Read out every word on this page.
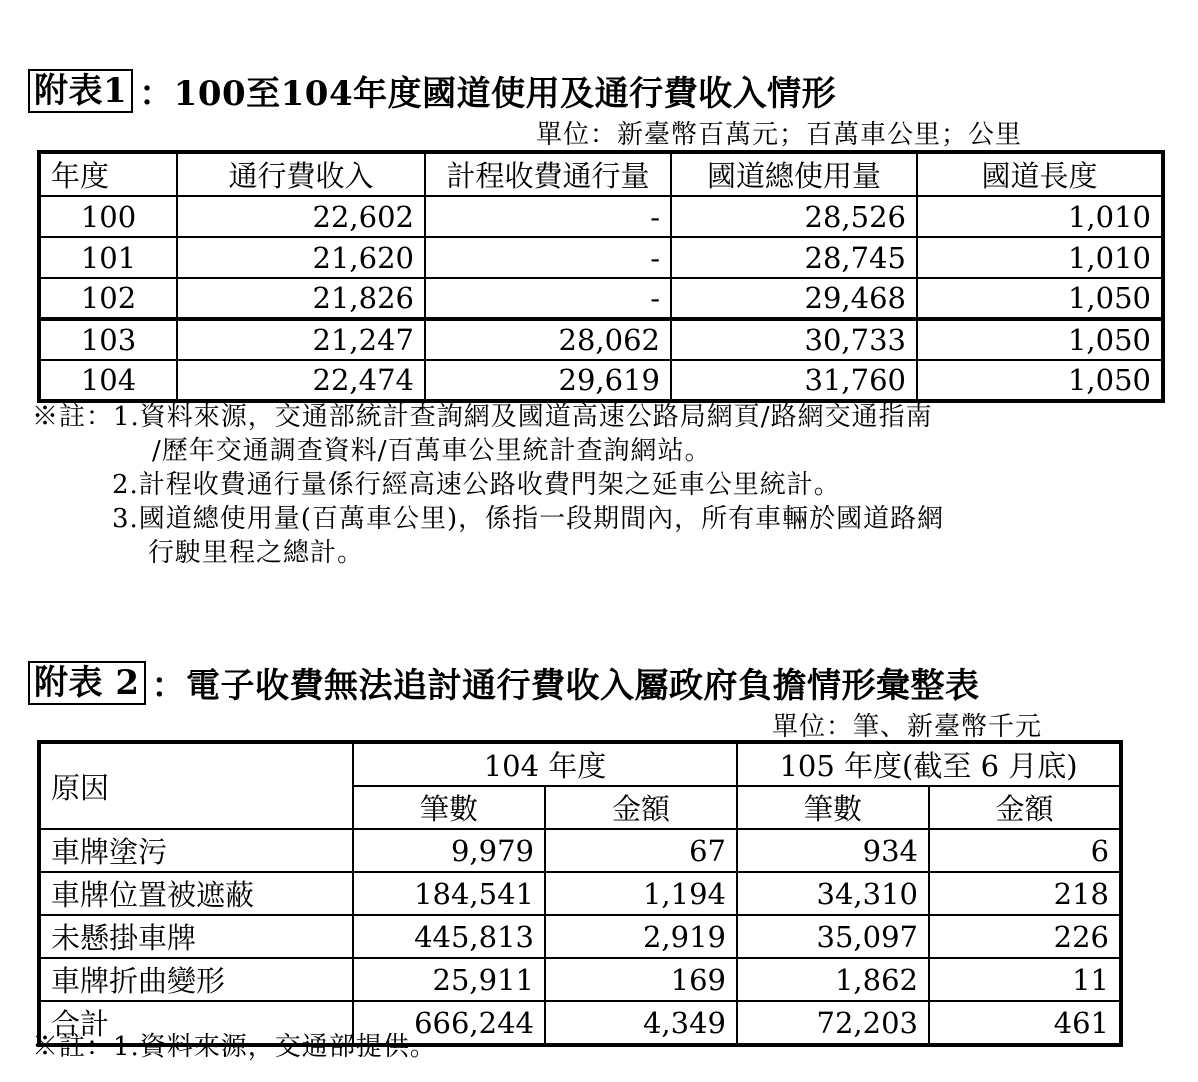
附表1 ：100至104年度國道使用及通行費收入情形
單位：新臺幣百萬元；百萬車公里；公里
年度	通行費收入	計程收費通行量	國道總使用量	國道長度
100	22,602	-	28,526	1,010
101	21,620	-	28,745	1,010
102	21,826	-	29,468	1,050
103	21,247	28,062	30,733	1,050
104	22,474	29,619	31,760	1,050
※註：1.資料來源，交通部統計查詢網及國道高速公路局網頁/路網交通指南
/歷年交通調查資料/百萬車公里統計查詢網站。
2.計程收費通行量係行經高速公路收費門架之延車公里統計。
3.國道總使用量(百萬車公里)，係指一段期間內，所有車輛於國道路網
行駛里程之總計。
附表 2 ：電子收費無法追討通行費收入屬政府負擔情形彙整表
單位：筆、新臺幣千元
原因	104 年度		105 年度(截至 6 月底)	
	筆數	金額	筆數	金額
車牌塗污	9,979	67	934	6
車牌位置被遮蔽	184,541	1,194	34,310	218
未懸掛車牌	445,813	2,919	35,097	226
車牌折曲變形	25,911	169	1,862	11
合計	666,244	4,349	72,203	461
※註：1.資料來源，交通部提供。
